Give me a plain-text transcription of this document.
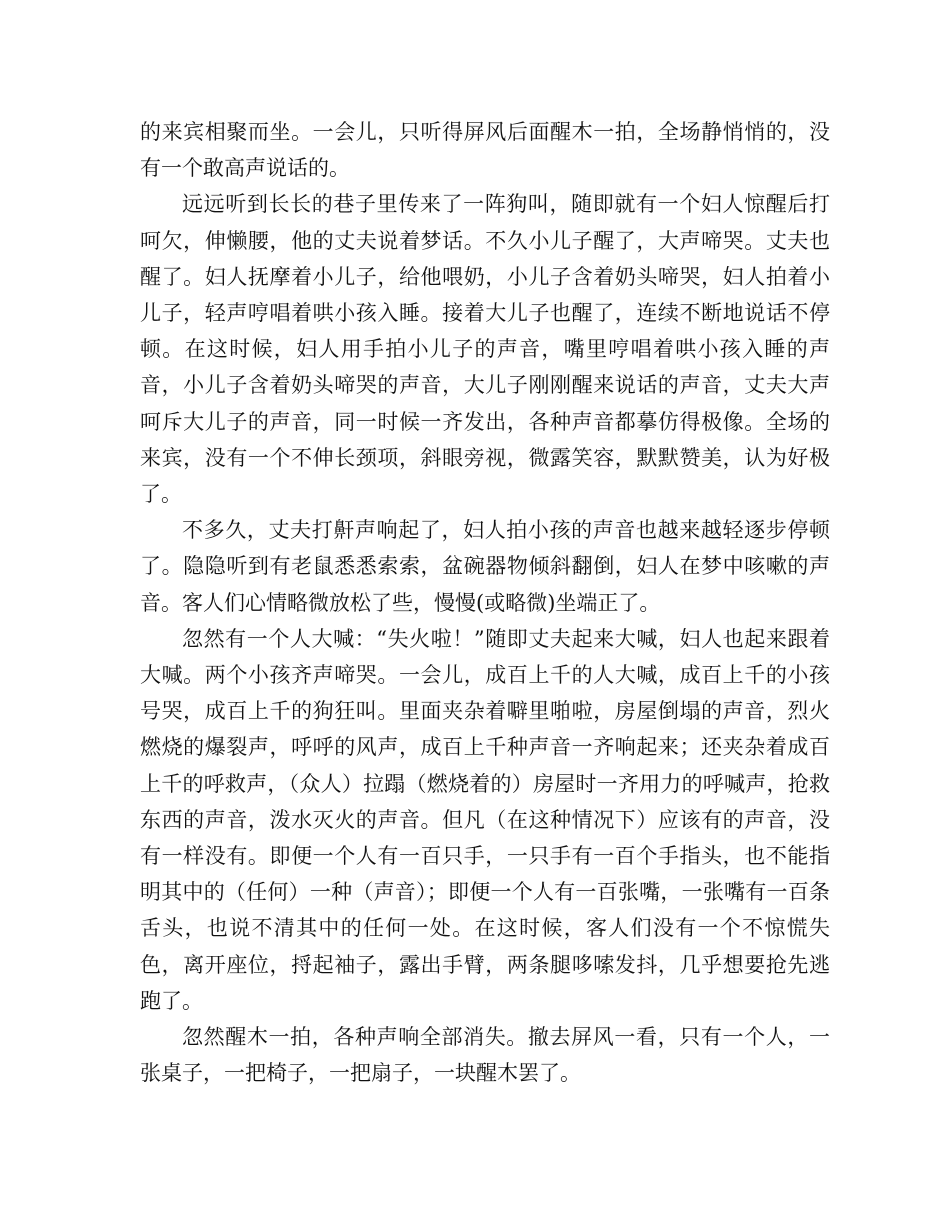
的来宾相聚而坐。一会儿，只听得屏风后面醒木一拍，全场静悄悄的，没有一个敢高声说话的。

远远听到长长的巷子里传来了一阵狗叫，随即就有一个妇人惊醒后打呵欠，伸懒腰，他的丈夫说着梦话。不久小儿子醒了，大声啼哭。丈夫也醒了。妇人抚摩着小儿子，给他喂奶，小儿子含着奶头啼哭，妇人拍着小儿子，轻声哼唱着哄小孩入睡。接着大儿子也醒了，连续不断地说话不停顿。在这时候，妇人用手拍小儿子的声音，嘴里哼唱着哄小孩入睡的声音，小儿子含着奶头啼哭的声音，大儿子刚刚醒来说话的声音，丈夫大声呵斥大儿子的声音，同一时候一齐发出，各种声音都摹仿得极像。全场的来宾，没有一个不伸长颈项，斜眼旁视，微露笑容，默默赞美，认为好极了。

不多久，丈夫打鼾声响起了，妇人拍小孩的声音也越来越轻逐步停顿了。隐隐听到有老鼠悉悉索索，盆碗器物倾斜翻倒，妇人在梦中咳嗽的声音。客人们心情略微放松了些，慢慢(或略微)坐端正了。

忽然有一个人大喊：“失火啦！”随即丈夫起来大喊，妇人也起来跟着大喊。两个小孩齐声啼哭。一会儿，成百上千的人大喊，成百上千的小孩号哭，成百上千的狗狂叫。里面夹杂着噼里啪啦，房屋倒塌的声音，烈火燃烧的爆裂声，呼呼的风声，成百上千种声音一齐响起来；还夹杂着成百上千的呼救声，（众人）拉蹋（燃烧着的）房屋时一齐用力的呼喊声，抢救东西的声音，泼水灭火的声音。但凡（在这种情况下）应该有的声音，没有一样没有。即便一个人有一百只手，一只手有一百个手指头，也不能指明其中的（任何）一种（声音）；即便一个人有一百张嘴，一张嘴有一百条舌头，也说不清其中的任何一处。在这时候，客人们没有一个不惊慌失色，离开座位，捋起袖子，露出手臂，两条腿哆嗦发抖，几乎想要抢先逃跑了。

忽然醒木一拍，各种声响全部消失。撤去屏风一看，只有一个人，一张桌子，一把椅子，一把扇子，一块醒木罢了。
